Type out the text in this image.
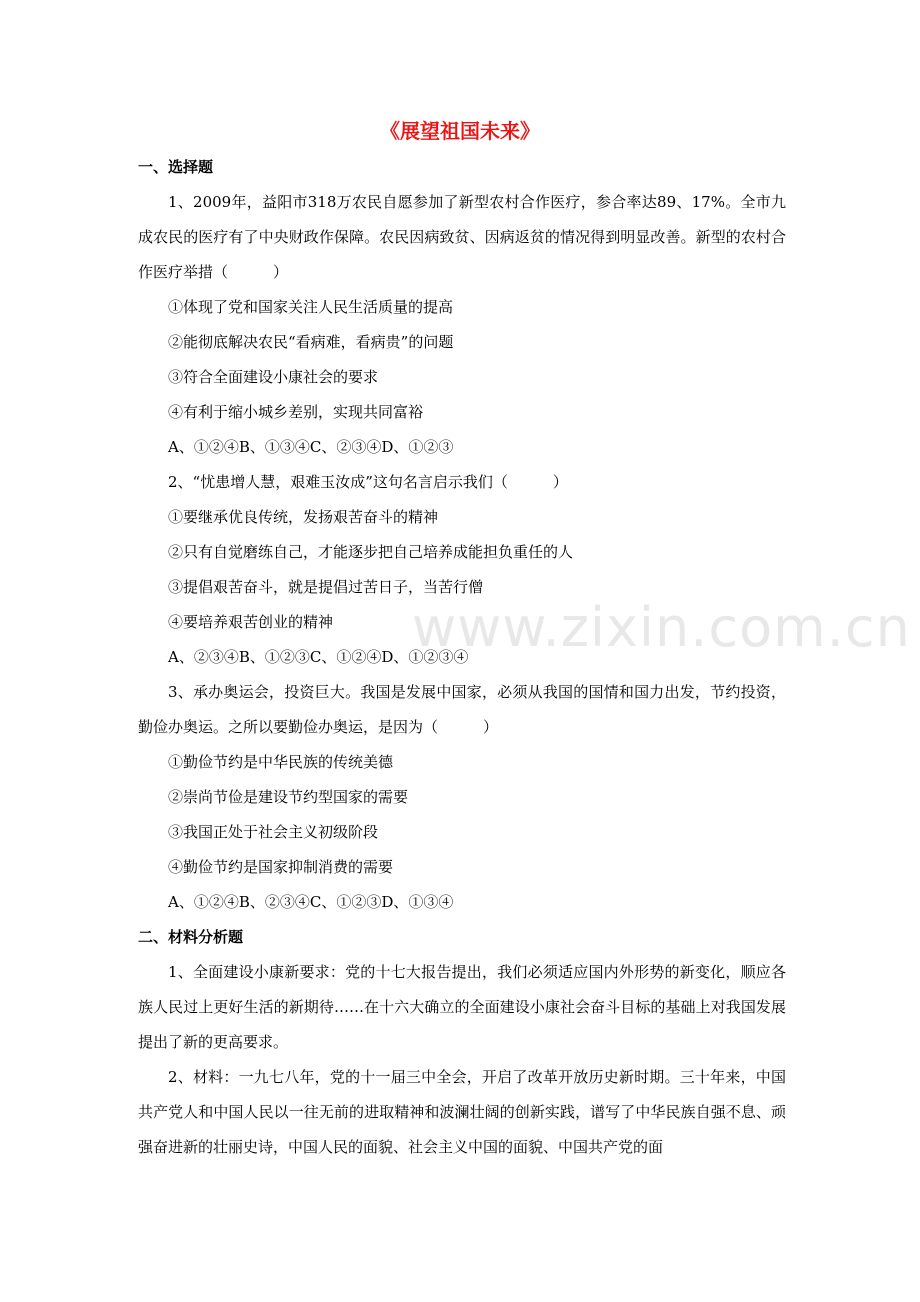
《展望祖国未来》
www.zixin.com.cn

一、选择题

1、2009年，益阳市318万农民自愿参加了新型农村合作医疗，参合率达89、17%。全市九成农民的医疗有了中央财政作保障。农民因病致贫、因病返贫的情况得到明显改善。新型的农村合作医疗举措（　　　）

①体现了党和国家关注人民生活质量的提高

②能彻底解决农民“看病难，看病贵”的问题

③符合全面建设小康社会的要求

④有利于缩小城乡差别，实现共同富裕

A、①②④B、①③④C、②③④D、①②③

2、“忧患增人慧，艰难玉汝成”这句名言启示我们（　　　）

①要继承优良传统，发扬艰苦奋斗的精神

②只有自觉磨练自己，才能逐步把自己培养成能担负重任的人

③提倡艰苦奋斗，就是提倡过苦日子，当苦行僧

④要培养艰苦创业的精神

A、②③④B、①②③C、①②④D、①②③④

3、承办奥运会，投资巨大。我国是发展中国家，必须从我国的国情和国力出发，节约投资，勤俭办奥运。之所以要勤俭办奥运，是因为（　　　）

①勤俭节约是中华民族的传统美德

②崇尚节俭是建设节约型国家的需要

③我国正处于社会主义初级阶段

④勤俭节约是国家抑制消费的需要

A、①②④B、②③④C、①②③D、①③④

二、材料分析题

1、全面建设小康新要求：党的十七大报告提出，我们必须适应国内外形势的新变化，顺应各族人民过上更好生活的新期待……在十六大确立的全面建设小康社会奋斗目标的基础上对我国发展提出了新的更高要求。

2、材料：一九七八年，党的十一届三中全会，开启了改革开放历史新时期。三十年来，中国共产党人和中国人民以一往无前的进取精神和波澜壮阔的创新实践，谱写了中华民族自强不息、顽强奋进新的壮丽史诗，中国人民的面貌、社会主义中国的面貌、中国共产党的面
